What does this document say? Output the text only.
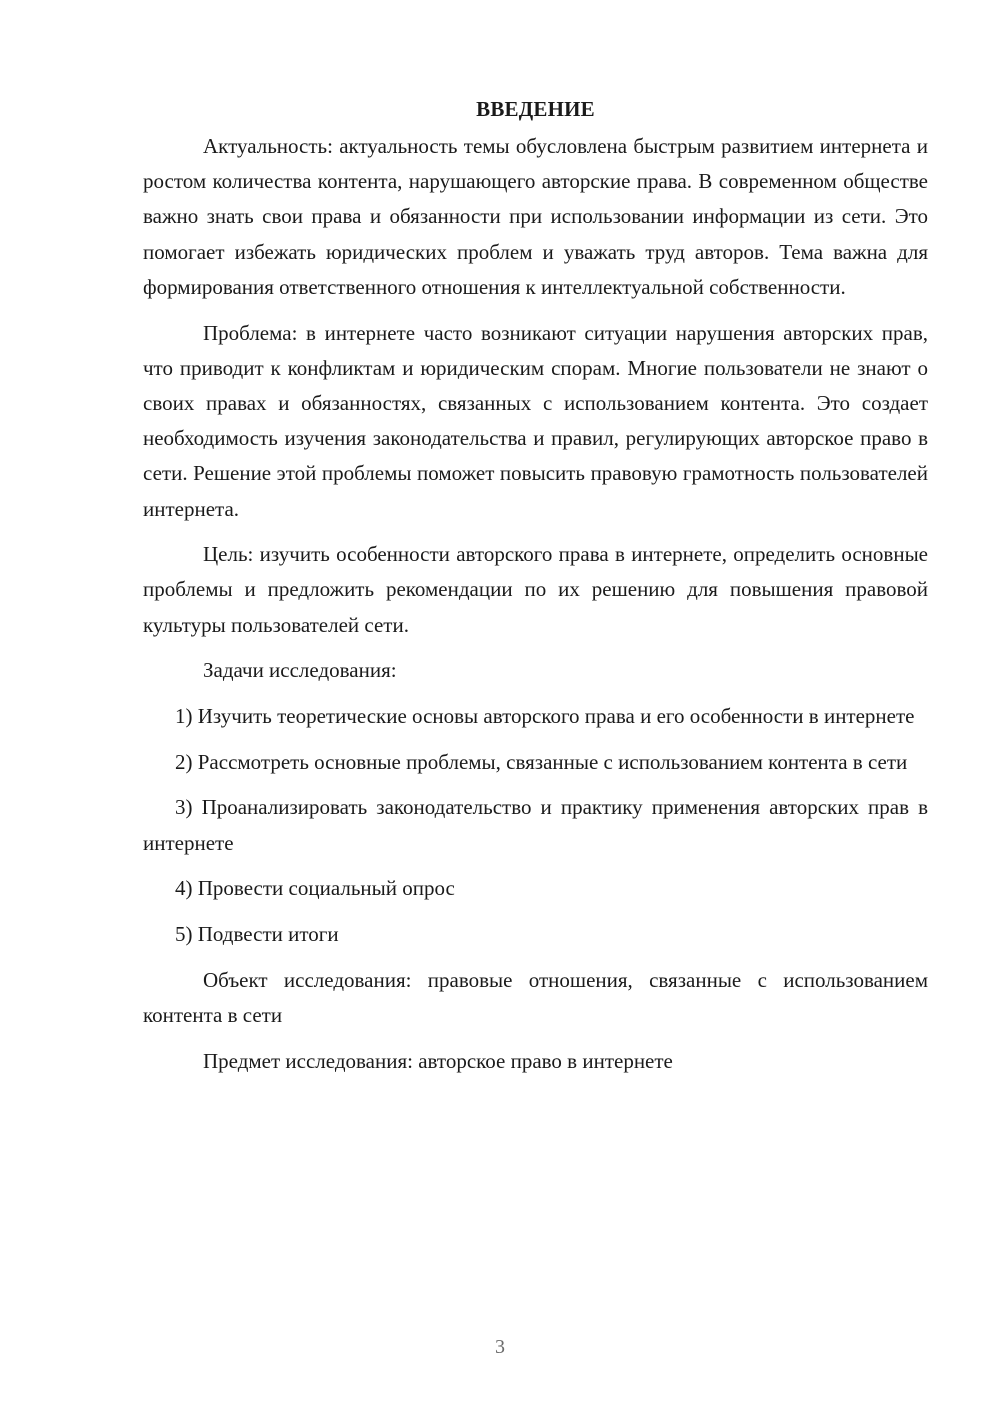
ВВЕДЕНИЕ

Актуальность: актуальность темы обусловлена быстрым развитием интернета и ростом количества контента, нарушающего авторские права. В современном обществе важно знать свои права и обязанности при использовании информации из сети. Это помогает избежать юридических проблем и уважать труд авторов. Тема важна для формирования ответственного отношения к интеллектуальной собственности.

Проблема: в интернете часто возникают ситуации нарушения авторских прав, что приводит к конфликтам и юридическим спорам. Многие пользователи не знают о своих правах и обязанностях, связанных с использованием контента. Это создает необходимость изучения законодательства и правил, регулирующих авторское право в сети. Решение этой проблемы поможет повысить правовую грамотность пользователей интернета.

Цель: изучить особенности авторского права в интернете, определить основные проблемы и предложить рекомендации по их решению для повышения правовой культуры пользователей сети.

Задачи исследования:

1) Изучить теоретические основы авторского права и его особенности в интернете

2) Рассмотреть основные проблемы, связанные с использованием контента в сети

3) Проанализировать законодательство и практику применения авторских прав в интернете

4) Провести социальный опрос

5) Подвести итоги

Объект исследования: правовые отношения, связанные с использованием контента в сети

Предмет исследования: авторское право в интернете

3
